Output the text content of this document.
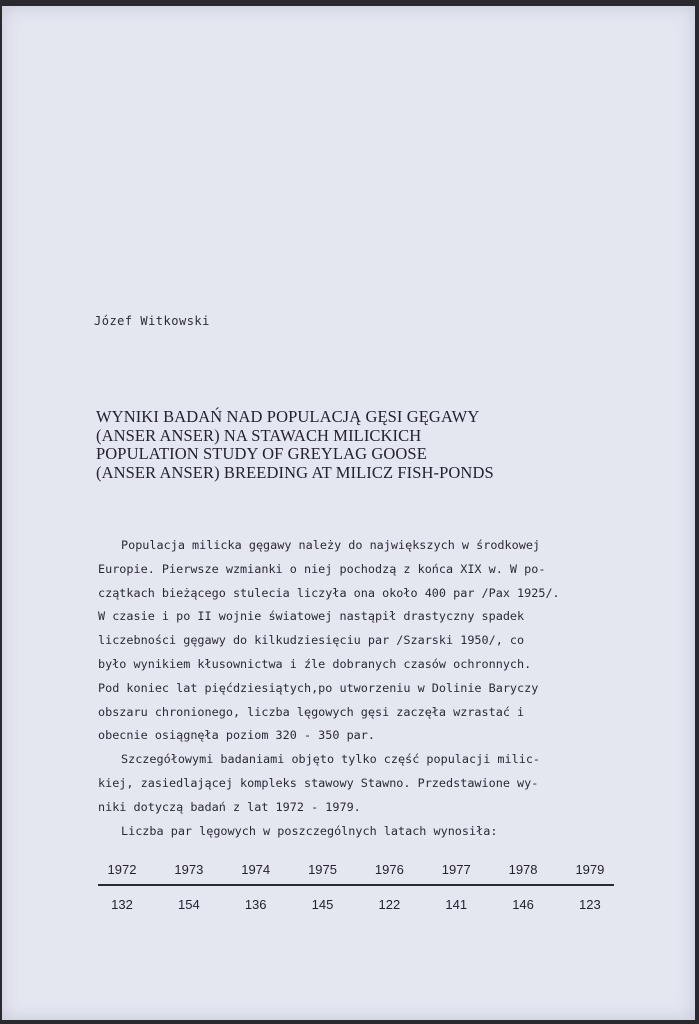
Józef Witkowski
WYNIKI BADAŃ NAD POPULACJĄ GĘSI GĘGAWY
(ANSER ANSER) NA STAWACH MILICKICH
POPULATION STUDY OF GREYLAG GOOSE
(ANSER ANSER) BREEDING AT MILICZ FISH-PONDS
Populacja milicka gęgawy należy do największych w środkowej
Europie. Pierwsze wzmianki o niej pochodzą z końca XIX w. W po-
czątkach bieżącego stulecia liczyła ona około 400 par /Pax 1925/.
W czasie i po II wojnie światowej nastąpił drastyczny spadek
liczebności gęgawy do kilkudziesięciu par /Szarski 1950/, co
było wynikiem kłusownictwa i źle dobranych czasów ochronnych.
Pod koniec lat pięćdziesiątych,po utworzeniu w Dolinie Baryczy
obszaru chronionego, liczba lęgowych gęsi zaczęła wzrastać i
obecnie osiągnęła poziom 320 - 350 par.
Szczegółowymi badaniami objęto tylko część populacji milic-
kiej, zasiedlającej kompleks stawowy Stawno. Przedstawione wy-
niki dotyczą badań z lat 1972 - 1979.
Liczba par lęgowych w poszczególnych latach wynosiła:
1972	1973	1974	1975	1976	1977	1978	1979
132	154	136	145	122	141	146	123
